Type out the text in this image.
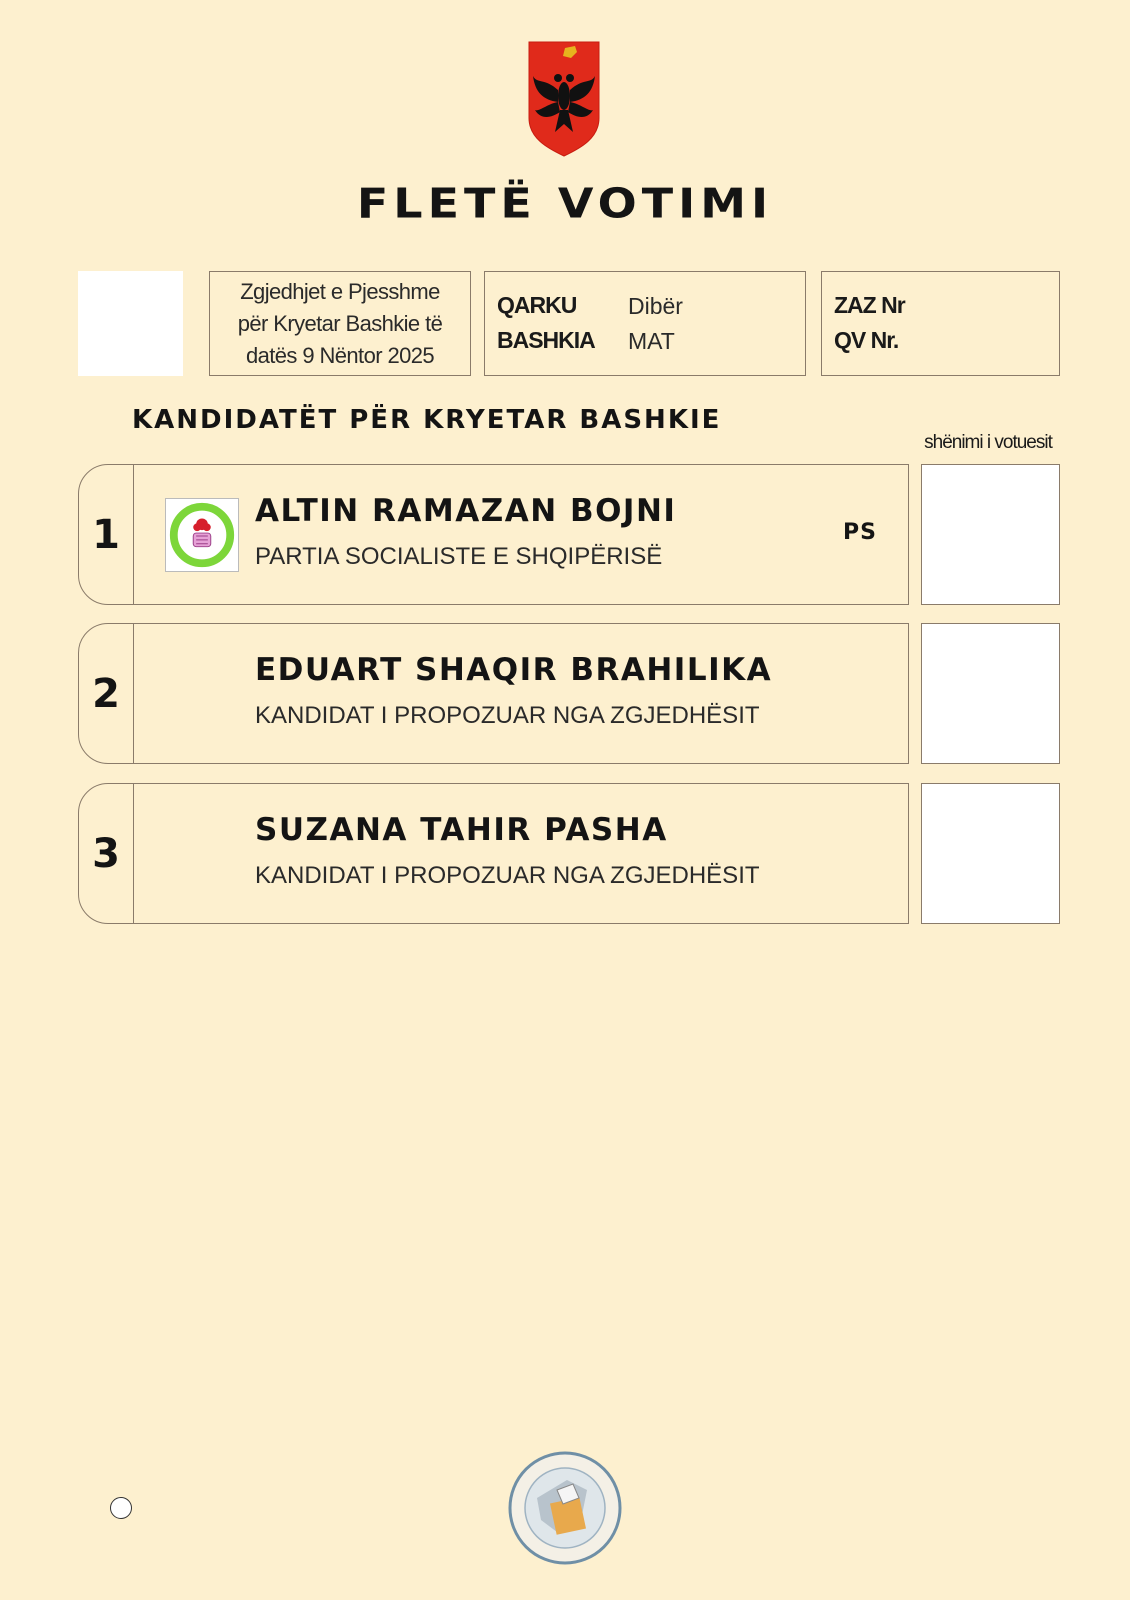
FLETË VOTIMI
Zgjedhjet e Pjesshme
për Kryetar Bashkie të
datës 9 Nëntor 2025
QARKU Dibër
BASHKIA MAT
ZAZ Nr
QV Nr.
KANDIDATËT PËR KRYETAR BASHKIE
shënimi i votuesit
1
ALTIN RAMAZAN BOJNI
PARTIA SOCIALISTE E SHQIPËRISË
PS
2
EDUART SHAQIR BRAHILIKA
KANDIDAT I PROPOZUAR NGA ZGJEDHËSIT
3
SUZANA TAHIR PASHA
KANDIDAT I PROPOZUAR NGA ZGJEDHËSIT
